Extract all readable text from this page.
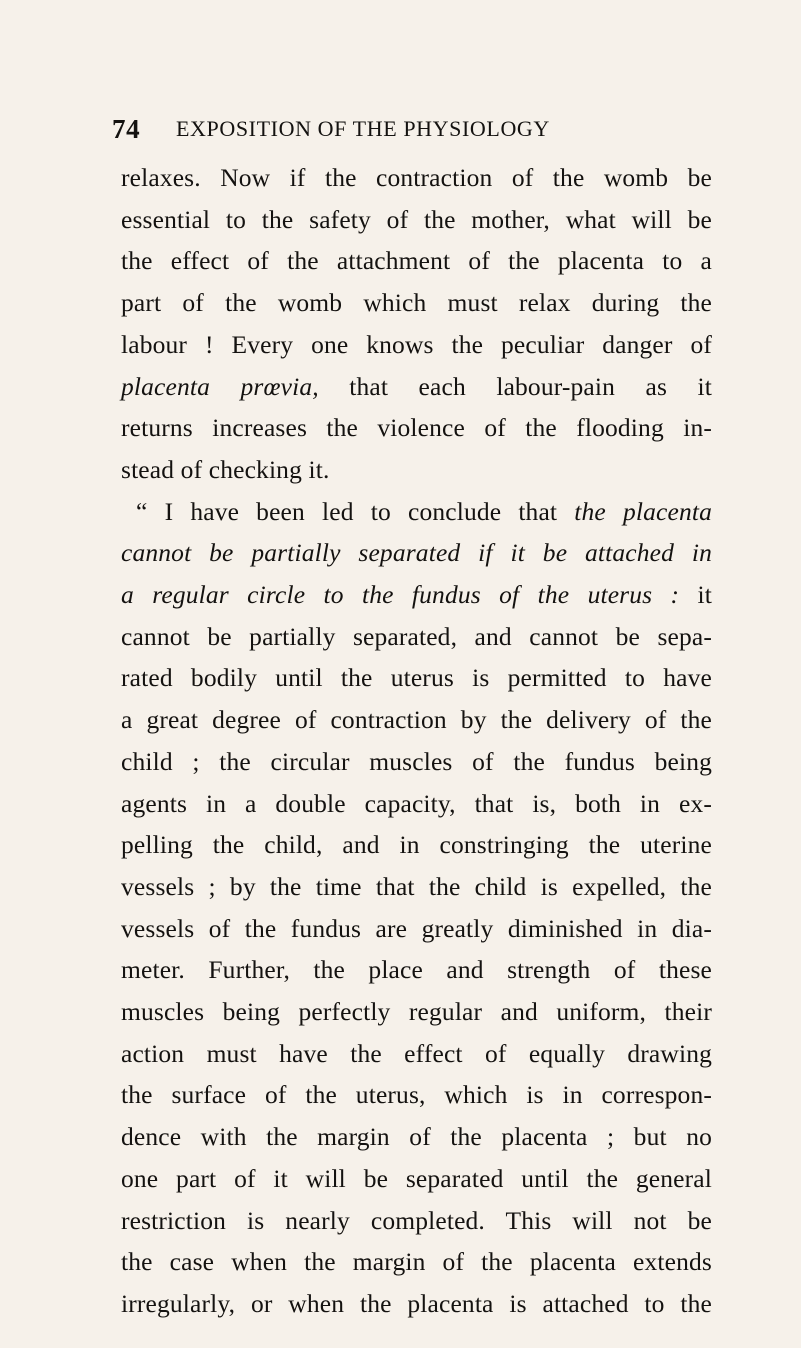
74 EXPOSITION OF THE PHYSIOLOGY
relaxes. Now if the contraction of the womb be
essential to the safety of the mother, what will be
the effect of the attachment of the placenta to a
part of the womb which must relax during the
labour ! Every one knows the peculiar danger of
placenta prœvia, that each labour-pain as it
returns increases the violence of the flooding in-
stead of checking it.
“ I have been led to conclude that the placenta
cannot be partially separated if it be attached in
a regular circle to the fundus of the uterus : it
cannot be partially separated, and cannot be sepa-
rated bodily until the uterus is permitted to have
a great degree of contraction by the delivery of the
child ; the circular muscles of the fundus being
agents in a double capacity, that is, both in ex-
pelling the child, and in constringing the uterine
vessels ; by the time that the child is expelled, the
vessels of the fundus are greatly diminished in dia-
meter. Further, the place and strength of these
muscles being perfectly regular and uniform, their
action must have the effect of equally drawing
the surface of the uterus, which is in correspon-
dence with the margin of the placenta ; but no
one part of it will be separated until the general
restriction is nearly completed. This will not be
the case when the margin of the placenta extends
irregularly, or when the placenta is attached to the
